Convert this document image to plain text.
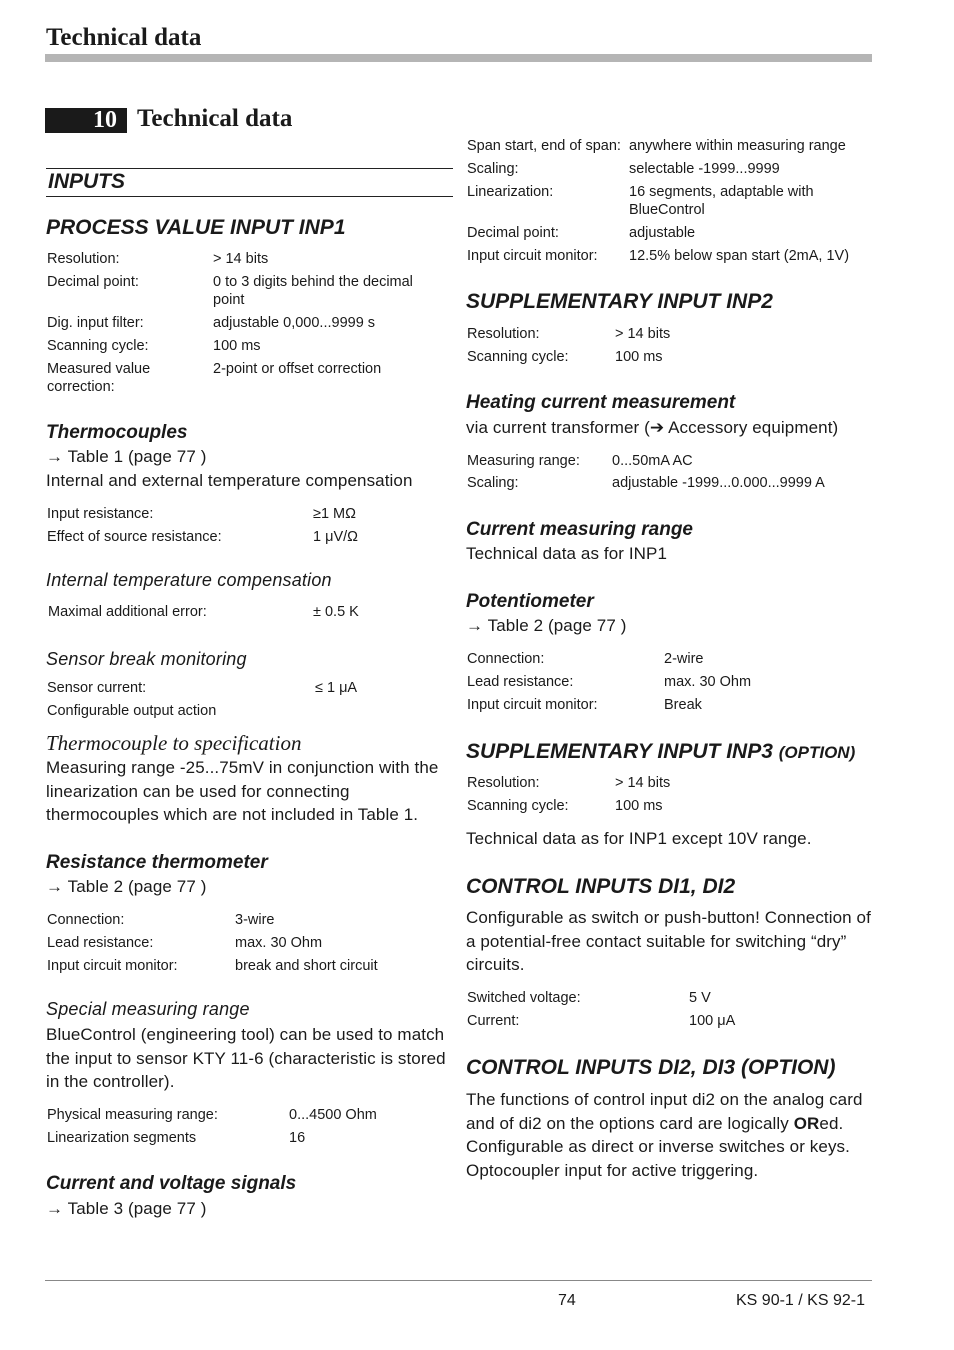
Technical data
10 Technical data
INPUTS
PROCESS VALUE INPUT INP1
Resolution:	> 14 bits
Decimal point:	0 to 3 digits behind the decimal point
Dig. input filter:	adjustable 0,000...9999 s
Scanning cycle:	100 ms
Measured value correction:
2-point or offset correction
Thermocouples
→ Table 1 (page 77 )
Internal and external temperature compensation
Input resistance:	≥1 MΩ
Effect of source resistance:	1 μV/Ω
Internal temperature compensation
Maximal additional error:	± 0.5 K
Sensor break monitoring
Sensor current:	≤ 1 μA
Configurable output action
Thermocouple to specification
Measuring range -25...75mV in conjunction with the linearization can be used for connecting thermocouples which are not included in Table 1.
Resistance thermometer
→ Table 2 (page 77 )
Connection:	3-wire
Lead resistance:	max. 30 Ohm
Input circuit monitor:	break and short circuit
Special measuring range
BlueControl (engineering tool) can be used to match the input to sensor KTY 11-6 (characteristic is stored in the controller).
Physical measuring range:	0...4500 Ohm
Linearization segments	16
Current and voltage signals
→ Table 3 (page 77 )
Span start, end of span: anywhere within measuring range
Scaling:	selectable -1999...9999
Linearization:	16 segments, adaptable with BlueControl
Decimal point:	adjustable
Input circuit monitor:	12.5% below span start (2mA, 1V)
SUPPLEMENTARY INPUT INP2
Resolution:	> 14 bits
Scanning cycle:	100 ms
Heating current measurement
via current transformer (➔ Accessory equipment)
Measuring range:	0...50mA AC
Scaling:	adjustable -1999...0.000...9999 A
Current measuring range
Technical data as for INP1
Potentiometer
→ Table 2 (page 77 )
Connection:	2-wire
Lead resistance:	max. 30 Ohm
Input circuit monitor:	Break
SUPPLEMENTARY INPUT INP3 (OPTION)
Resolution:	> 14 bits
Scanning cycle:	100 ms
Technical data as for INP1 except 10V range.
CONTROL INPUTS DI1, DI2
Configurable as switch or push-button! Connection of a potential-free contact suitable for switching “dry” circuits.
Switched voltage:	5 V
Current:	100 μA
CONTROL INPUTS DI2, DI3 (OPTION)
The functions of control input di2 on the analog card and of di2 on the options card are logically ORed.
Configurable as direct or inverse switches or keys. Optocoupler input for active triggering.
74	KS 90-1 / KS 92-1
